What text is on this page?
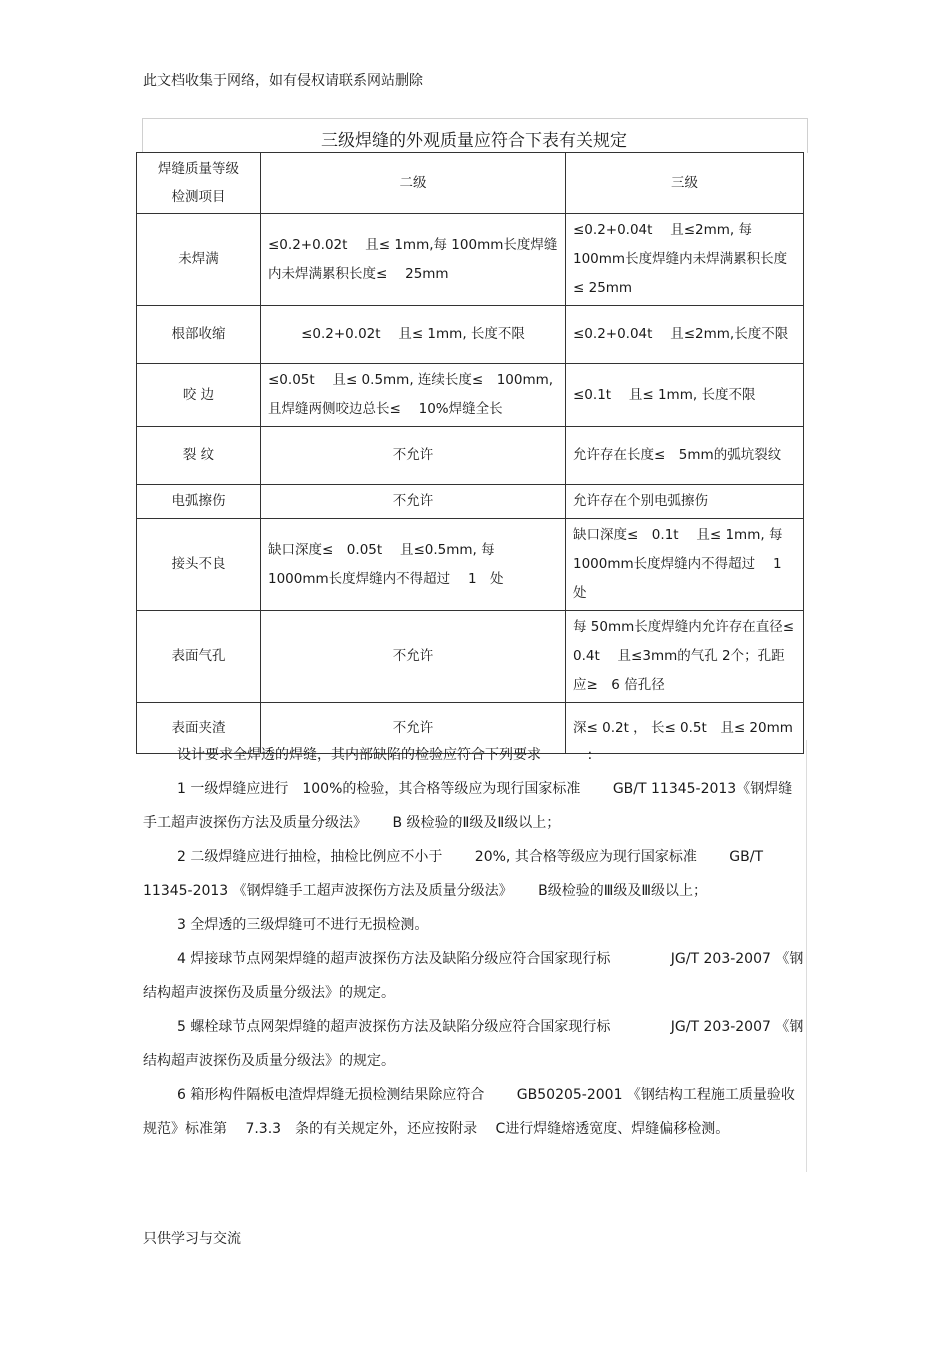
此文档收集于网络，如有侵权请联系网站删除
三级焊缝的外观质量应符合下表有关规定
焊缝质量等级
检测项目	二级	三级
未焊满	≤0.2+0.02t　 且≤ 1mm,每 100mm长度焊缝内未焊满累积长度≤　 25mm	≤0.2+0.04t　 且≤2mm, 每 100mm长度焊缝内未焊满累积长度≤ 25mm
根部收缩	≤0.2+0.02t　 且≤ 1mm, 长度不限	≤0.2+0.04t　 且≤2mm,长度不限
咬 边	≤0.05t　 且≤ 0.5mm, 连续长度≤　100mm,且焊缝两侧咬边总长≤　 10%焊缝全长	≤0.1t　 且≤ 1mm, 长度不限
裂 纹	不允许	允许存在长度≤　5mm的弧坑裂纹
电弧擦伤	不允许	允许存在个别电弧擦伤
接头不良	缺口深度≤　0.05t　 且≤0.5mm, 每　1000mm长度焊缝内不得超过　 1　处	缺口深度≤　0.1t　 且≤ 1mm, 每 1000mm长度焊缝内不得超过　 1 处
表面气孔	不允许	每 50mm长度焊缝内允许存在直径≤ 0.4t　 且≤3mm的气孔 2个；孔距应≥　6 倍孔径
表面夹渣	不允许	深≤ 0.2t ， 长≤ 0.5t　且≤ 20mm

设计要求全焊透的焊缝，其内部缺陷的检验应符合下列要求　　　 :

1 一级焊缝应进行　100%的检验，其合格等级应为现行国家标准　　 GB/T 11345-2013《钢焊缝手工超声波探伤方法及质量分级法》　　 B 级检验的Ⅱ级及Ⅱ级以上；

2 二级焊缝应进行抽检，抽检比例应不小于　　 20%, 其合格等级应为现行国家标准　　 GB/T 11345-2013 《钢焊缝手工超声波探伤方法及质量分级法》　　 B级检验的Ⅲ级及Ⅲ级以上；

3 全焊透的三级焊缝可不进行无损检测。

4 焊接球节点网架焊缝的超声波探伤方法及缺陷分级应符合国家现行标　　　　 JG/T 203-2007 《钢结构超声波探伤及质量分级法》的规定。

5 螺栓球节点网架焊缝的超声波探伤方法及缺陷分级应符合国家现行标　　　　 JG/T 203-2007 《钢结构超声波探伤及质量分级法》的规定。

6 箱形构件隔板电渣焊焊缝无损检测结果除应符合　　 GB50205-2001 《钢结构工程施工质量验收规范》标准第　 7.3.3　条的有关规定外，还应按附录　 C进行焊缝熔透宽度、焊缝偏移检测。

只供学习与交流
